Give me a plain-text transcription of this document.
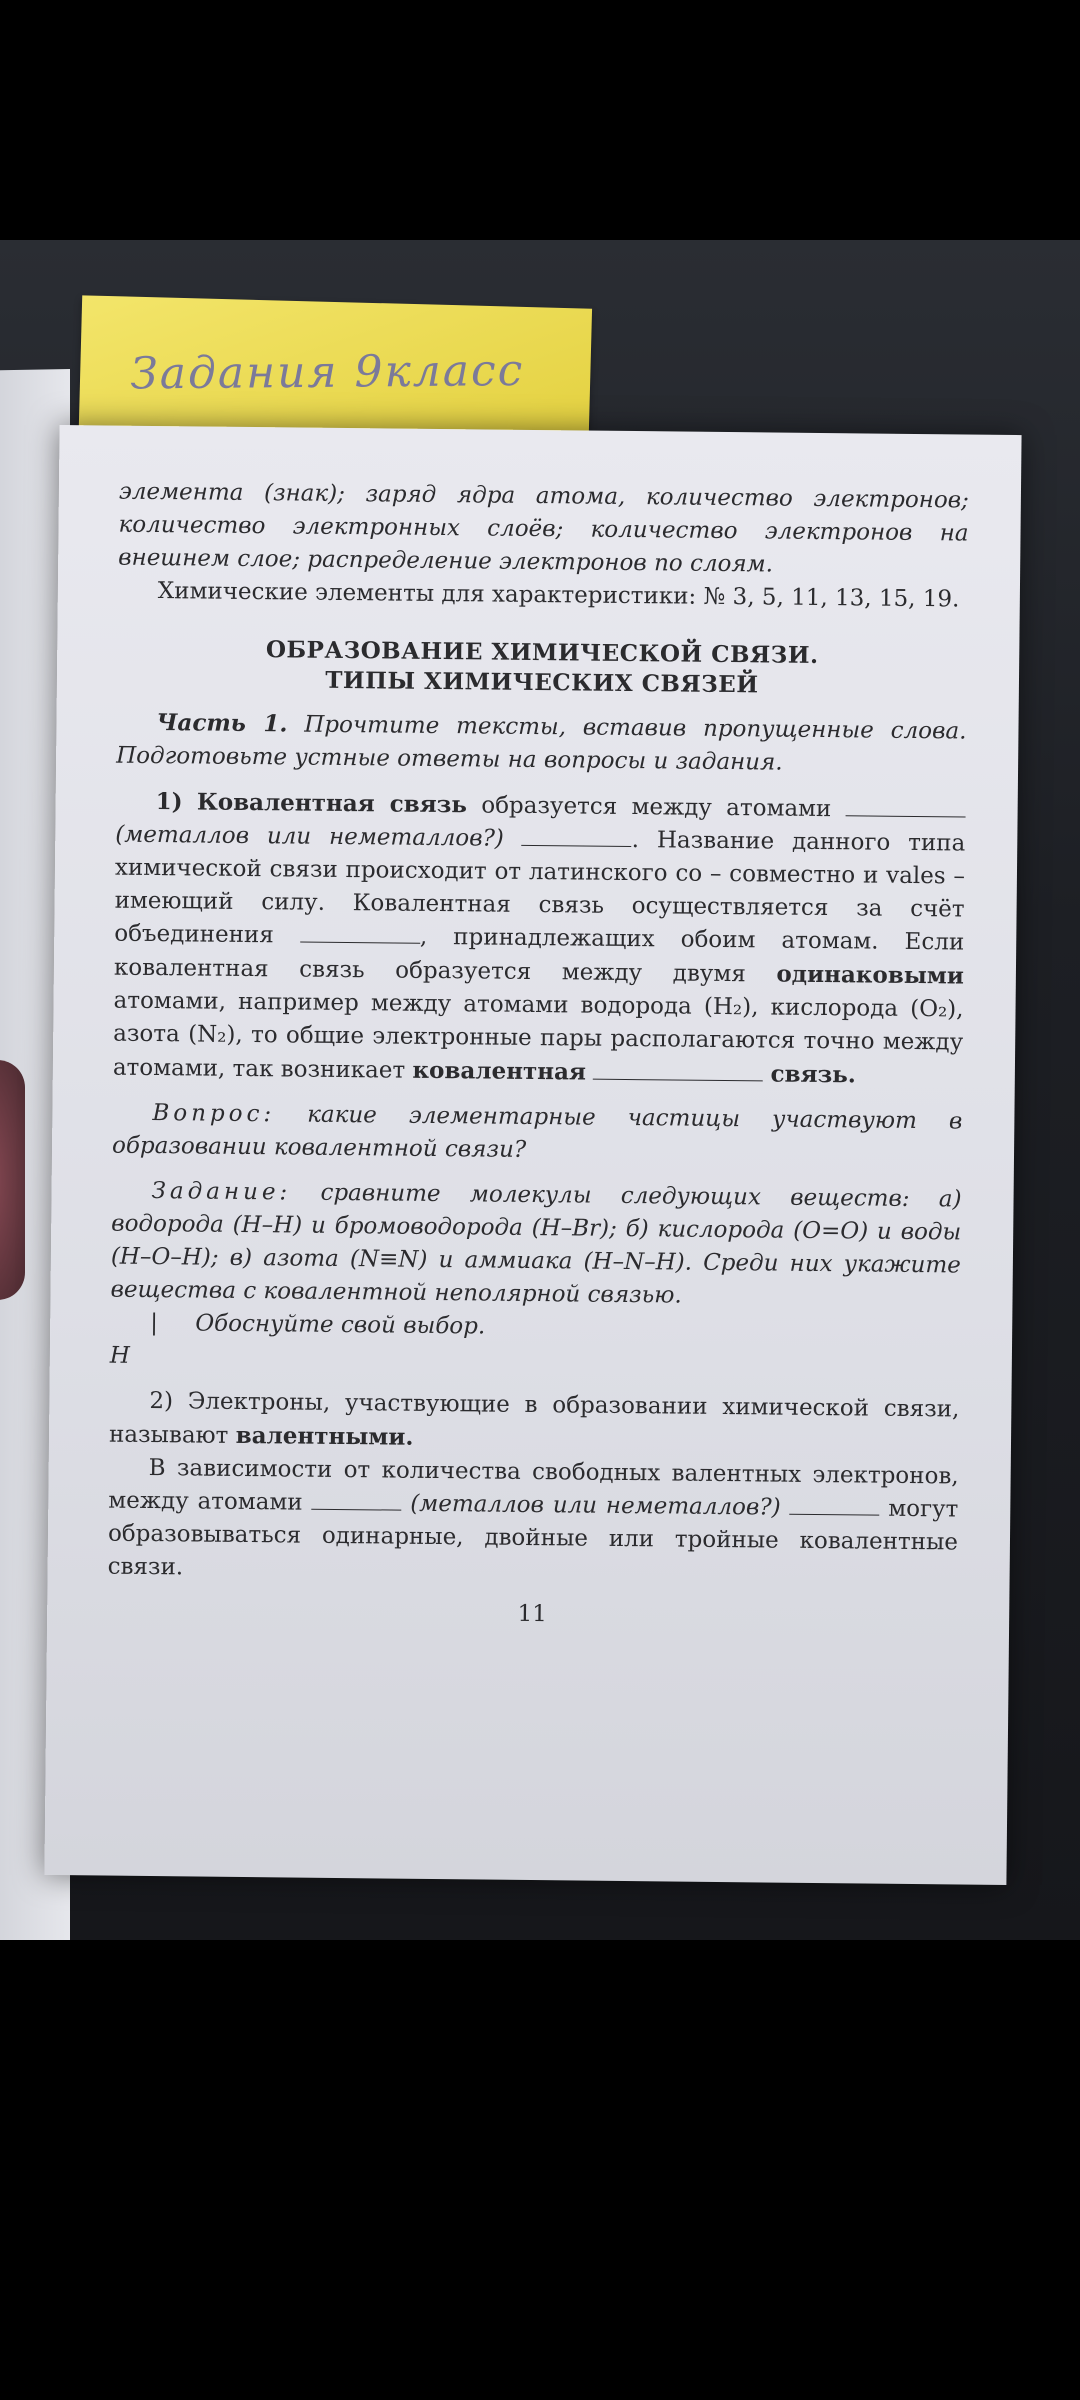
Задания 9класс

элемента (знак); заряд ядра атома, количество электронов; количество электронных слоёв; количество электронов на внешнем слое; распределение электронов по слоям.

Химические элементы для характеристики: № 3, 5, 11, 13, 15, 19.

ОБРАЗОВАНИЕ ХИМИЧЕСКОЙ СВЯЗИ.

ТИПЫ ХИМИЧЕСКИХ СВЯЗЕЙ

Часть 1. Прочтите тексты, вставив пропущенные слова. Подготовьте устные ответы на вопросы и задания.

1) Ковалентная связь образуется между атомами  (металлов или неметаллов?)	. Название данного типа химической связи происходит от латинского co – совместно и vales – имеющий силу. Ковалентная связь осуществляется за счёт объединения	, принадлежащих обоим атомам. Если ковалентная связь образуется между двумя одинаковыми атомами, например между атомами водорода (H₂), кислорода (O₂), азота (N₂), то общие электронные пары располагаются точно между атомами, так возникает ковалентная	связь.

Вопрос: какие элементарные частицы участвуют в образовании ковалентной связи?

Задание: сравните молекулы следующих веществ: а) водорода (H–H) и бромоводорода (H–Br); б) кислорода (O=O) и воды (H–O–H); в) азота (N≡N) и аммиака (H–N–H). Среди них укажите вещества с ковалентной неполярной связью.

| Обоснуйте свой выбор.

H

2) Электроны, участвующие в образовании химической связи, называют валентными.

В зависимости от количества свободных валентных электронов, между атомами	(металлов или неметаллов?)	могут образовываться одинарные, двойные или тройные ковалентные связи.

11
